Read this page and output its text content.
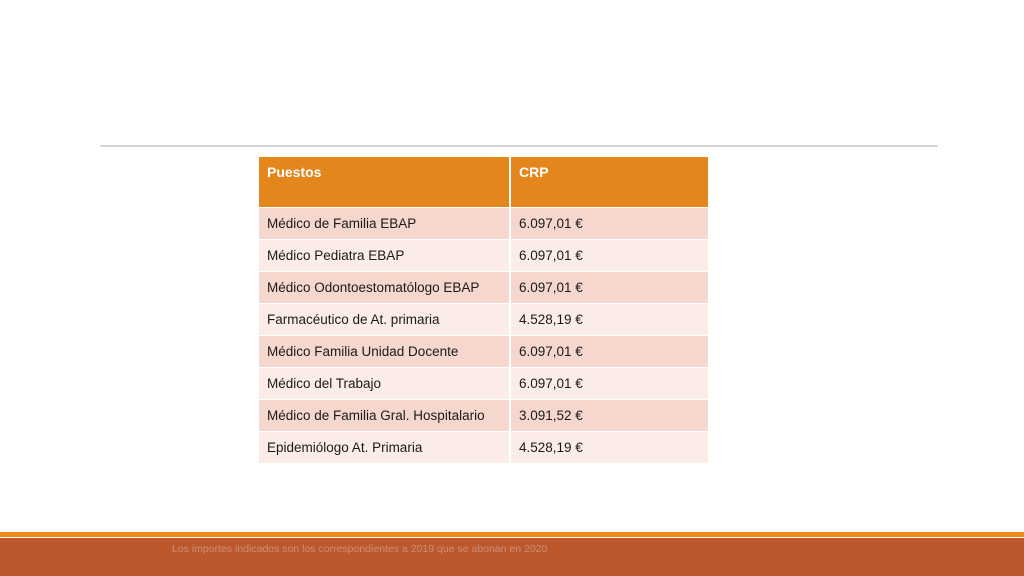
Puestos	CRP
Médico de Familia EBAP	6.097,01 €
Médico Pediatra EBAP	6.097,01 €
Médico Odontoestomatólogo EBAP	6.097,01 €
Farmacéutico de At. primaria	4.528,19 €
Médico Familia Unidad Docente	6.097,01 €
Médico del Trabajo	6.097,01 €
Médico de Familia Gral. Hospitalario	3.091,52 €
Epidemiólogo At. Primaria	4.528,19 €
Los importes indicados son los correspondientes a 2019 que se abonan en 2020
